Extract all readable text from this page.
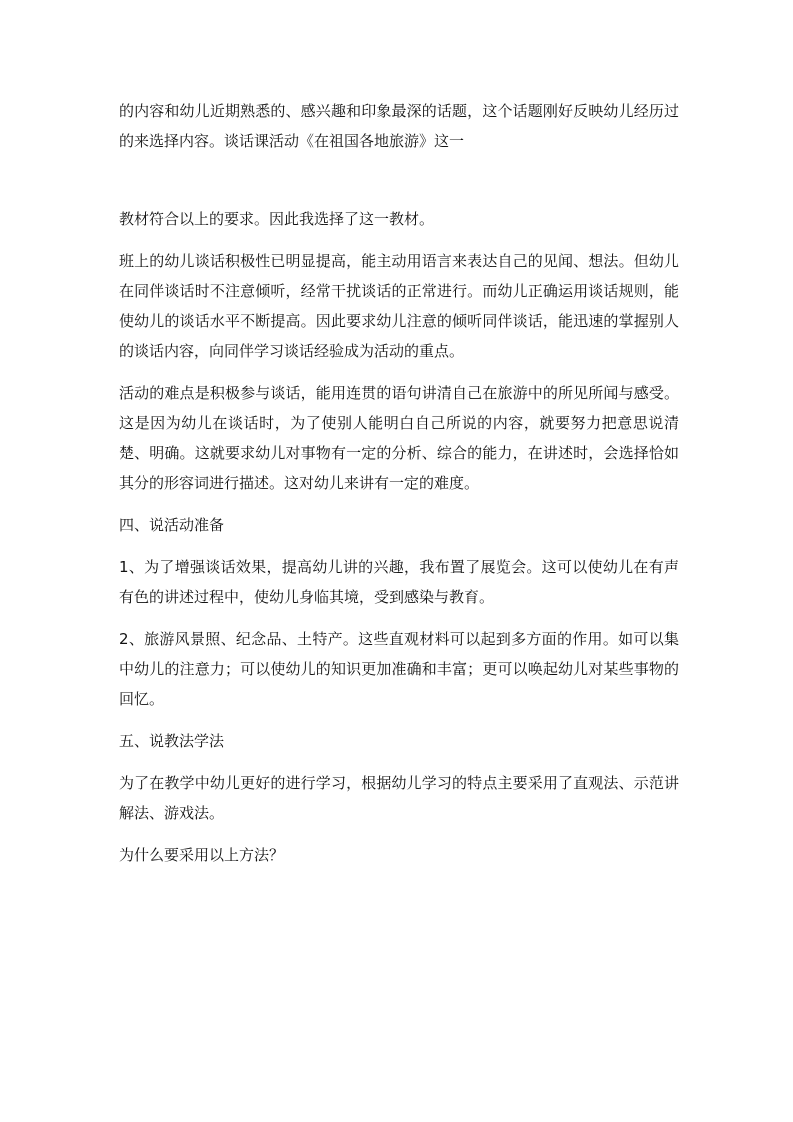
的内容和幼儿近期熟悉的、感兴趣和印象最深的话题，这个话题刚好反映幼儿经历过的来选择内容。谈话课活动《在祖国各地旅游》这一

教材符合以上的要求。因此我选择了这一教材。

班上的幼儿谈话积极性已明显提高，能主动用语言来表达自己的见闻、想法。但幼儿在同伴谈话时不注意倾听，经常干扰谈话的正常进行。而幼儿正确运用谈话规则，能使幼儿的谈话水平不断提高。因此要求幼儿注意的倾听同伴谈话，能迅速的掌握别人的谈话内容，向同伴学习谈话经验成为活动的重点。

活动的难点是积极参与谈话，能用连贯的语句讲清自己在旅游中的所见所闻与感受。这是因为幼儿在谈话时，为了使别人能明白自己所说的内容，就要努力把意思说清楚、明确。这就要求幼儿对事物有一定的分析、综合的能力，在讲述时，会选择恰如其分的形容词进行描述。这对幼儿来讲有一定的难度。

四、说活动准备

1、为了增强谈话效果，提高幼儿讲的兴趣，我布置了展览会。这可以使幼儿在有声有色的讲述过程中，使幼儿身临其境，受到感染与教育。

2、旅游风景照、纪念品、土特产。这些直观材料可以起到多方面的作用。如可以集中幼儿的注意力；可以使幼儿的知识更加准确和丰富；更可以唤起幼儿对某些事物的回忆。

五、说教法学法

为了在教学中幼儿更好的进行学习，根据幼儿学习的特点主要采用了直观法、示范讲解法、游戏法。

为什么要采用以上方法？
